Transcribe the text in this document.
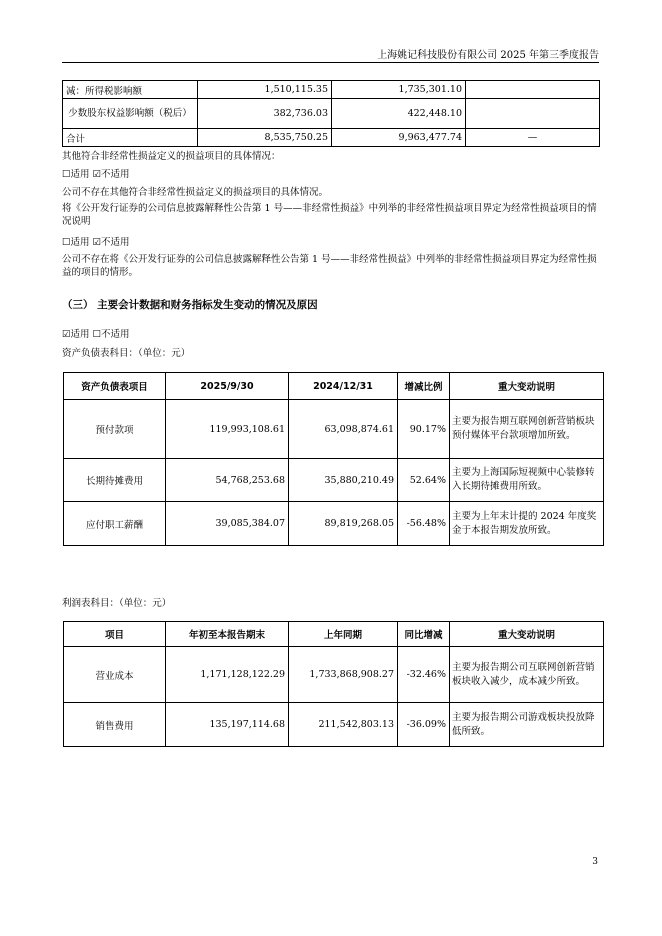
上海姚记科技股份有限公司 2025 年第三季度报告
减：所得税影响额	1,510,115.35	1,735,301.10	
少数股东权益影响额（税后）	382,736.03	422,448.10	
合计	8,535,750.25	9,963,477.74	—
其他符合非经常性损益定义的损益项目的具体情况：
☐适用 ☑不适用
公司不存在其他符合非经常性损益定义的损益项目的具体情况。
将《公开发行证券的公司信息披露解释性公告第 1 号——非经常性损益》中列举的非经常性损益项目界定为经常性损益项目的情况说明
☐适用 ☑不适用
公司不存在将《公开发行证券的公司信息披露解释性公告第 1 号——非经常性损益》中列举的非经常性损益项目界定为经常性损益的项目的情形。
（三） 主要会计数据和财务指标发生变动的情况及原因
☑适用 ☐不适用
资产负债表科目：（单位：元）
资产负债表项目	2025/9/30	2024/12/31	增减比例	重大变动说明
预付款项	119,993,108.61	63,098,874.61	90.17%	主要为报告期互联网创新营销板块预付媒体平台款项增加所致。
长期待摊费用	54,768,253.68	35,880,210.49	52.64%	主要为上海国际短视频中心装修转入长期待摊费用所致。
应付职工薪酬	39,085,384.07	89,819,268.05	-56.48%	主要为上年末计提的 2024 年度奖金于本报告期发放所致。
利润表科目：（单位：元）
项目	年初至本报告期末	上年同期	同比增减	重大变动说明
营业成本	1,171,128,122.29	1,733,868,908.27	-32.46%	主要为报告期公司互联网创新营销板块收入减少，成本减少所致。
销售费用	135,197,114.68	211,542,803.13	-36.09%	主要为报告期公司游戏板块投放降低所致。
3
